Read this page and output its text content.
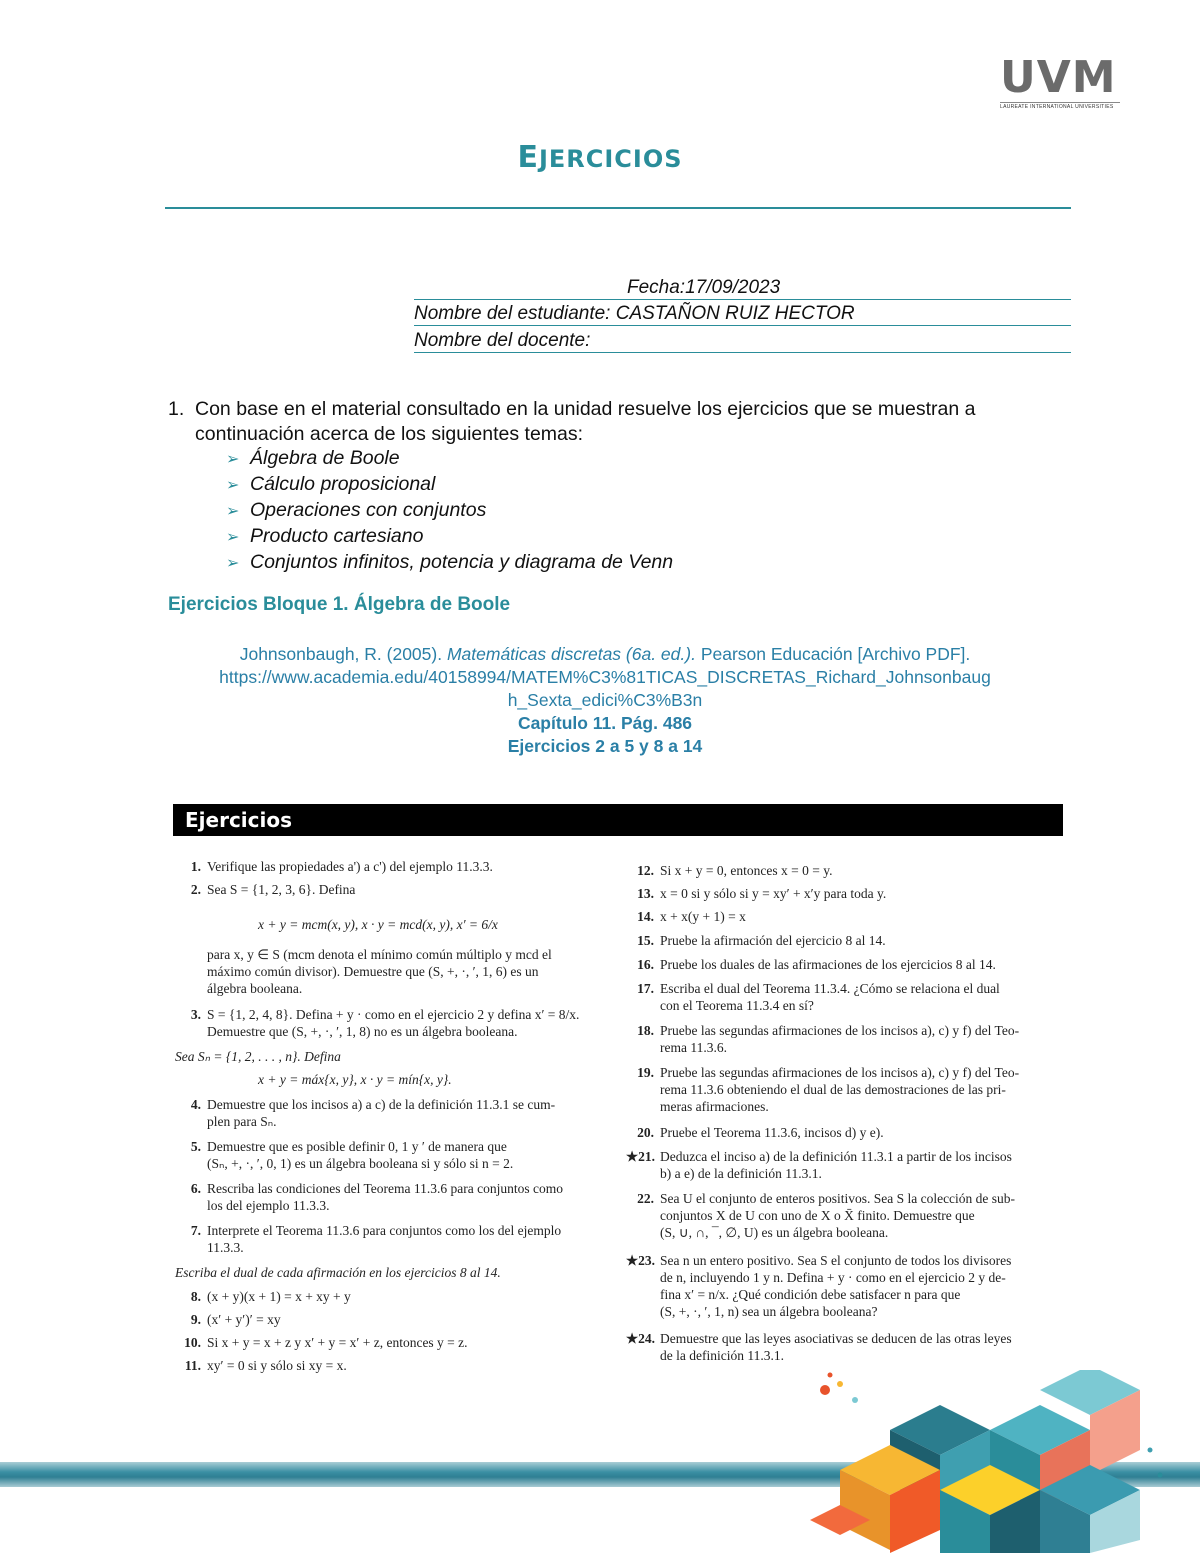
UVM
LAUREATE INTERNATIONAL UNIVERSITIES
EJERCICIOS
Fecha:17/09/2023
Nombre del estudiante: CASTAÑON RUIZ HECTOR
Nombre del docente:
1. Con base en el material consultado en la unidad resuelve los ejercicios que se muestran a
continuación acerca de los siguientes temas:
➢ Álgebra de Boole
➢ Cálculo proposicional
➢ Operaciones con conjuntos
➢ Producto cartesiano
➢ Conjuntos infinitos, potencia y diagrama de Venn
Ejercicios Bloque 1. Álgebra de Boole
Johnsonbaugh, R. (2005). Matemáticas discretas (6a. ed.). Pearson Educación [Archivo PDF].
https://www.academia.edu/40158994/MATEM%C3%81TICAS_DISCRETAS_Richard_Johnsonbaug
h_Sexta_edici%C3%B3n
Capítulo 11. Pág. 486
Ejercicios 2 a 5 y 8 a 14
Ejercicios
1. Verifique las propiedades a') a c') del ejemplo 11.3.3.
2. Sea S = {1, 2, 3, 6}. Defina
x + y = mcm(x, y), x · y = mcd(x, y), x′ = 6/x
para x, y ∈ S (mcm denota el mínimo común múltiplo y mcd el
máximo común divisor). Demuestre que (S, +, ·, ′, 1, 6) es un
álgebra booleana.
3. S = {1, 2, 4, 8}. Defina + y · como en el ejercicio 2 y defina x′ = 8/x.
Demuestre que (S, +, ·, ′, 1, 8) no es un álgebra booleana.
Sea Sₙ = {1, 2, . . . , n}. Defina
x + y = máx{x, y}, x · y = mín{x, y}.
4. Demuestre que los incisos a) a c) de la definición 11.3.1 se cum-
plen para Sₙ.
5. Demuestre que es posible definir 0, 1 y ′ de manera que
(Sₙ, +, ·, ′, 0, 1) es un álgebra booleana si y sólo si n = 2.
6. Rescriba las condiciones del Teorema 11.3.6 para conjuntos como
los del ejemplo 11.3.3.
7. Interprete el Teorema 11.3.6 para conjuntos como los del ejemplo
11.3.3.
Escriba el dual de cada afirmación en los ejercicios 8 al 14.
8. (x + y)(x + 1) = x + xy + y
9. (x′ + y′)′ = xy
10. Si x + y = x + z y x′ + y = x′ + z, entonces y = z.
11. xy′ = 0 si y sólo si xy = x.
12. Si x + y = 0, entonces x = 0 = y.
13. x = 0 si y sólo si y = xy′ + x′y para toda y.
14. x + x(y + 1) = x
15. Pruebe la afirmación del ejercicio 8 al 14.
16. Pruebe los duales de las afirmaciones de los ejercicios 8 al 14.
17. Escriba el dual del Teorema 11.3.4. ¿Cómo se relaciona el dual
con el Teorema 11.3.4 en sí?
18. Pruebe las segundas afirmaciones de los incisos a), c) y f) del Teo-
rema 11.3.6.
19. Pruebe las segundas afirmaciones de los incisos a), c) y f) del Teo-
rema 11.3.6 obteniendo el dual de las demostraciones de las pri-
meras afirmaciones.
20. Pruebe el Teorema 11.3.6, incisos d) y e).
★21. Deduzca el inciso a) de la definición 11.3.1 a partir de los incisos
b) a e) de la definición 11.3.1.
22. Sea U el conjunto de enteros positivos. Sea S la colección de sub-
conjuntos X de U con uno de X o X̄ finito. Demuestre que
(S, ∪, ∩, ¯, ∅, U) es un álgebra booleana.
★23. Sea n un entero positivo. Sea S el conjunto de todos los divisores
de n, incluyendo 1 y n. Defina + y · como en el ejercicio 2 y de-
fina x′ = n/x. ¿Qué condición debe satisfacer n para que
(S, +, ·, ′, 1, n) sea un álgebra booleana?
★24. Demuestre que las leyes asociativas se deducen de las otras leyes
de la definición 11.3.1.
